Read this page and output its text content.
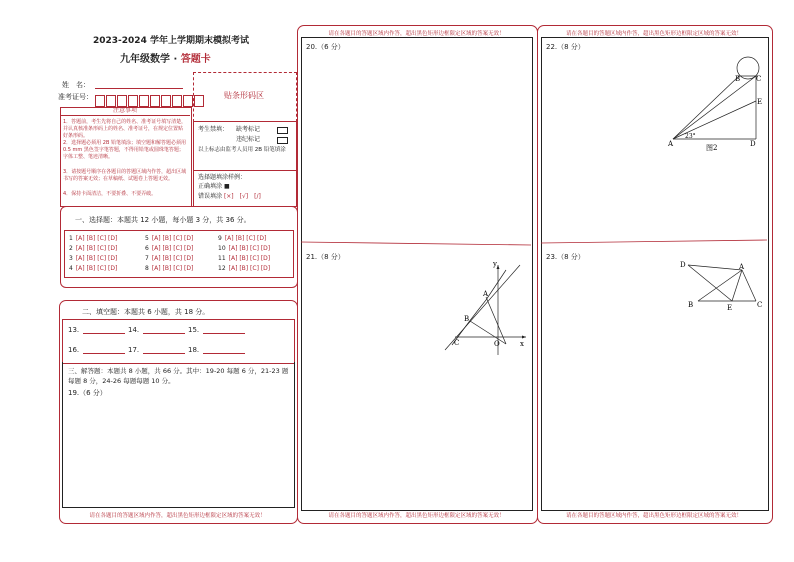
2023-2024 学年上学期期末模拟考试
九年级数学 · 答题卡
姓　名：
准考证号：	贴条形码区
注意事项
1．答题前，考生先将自己的姓名、准考证号填写清楚，并认真核准条形码上的姓名、准考证号，在规定位置贴好条形码。
2．选择题必须用 2B 铅笔填涂；填空题和解答题必须用 0.5 mm 黑色签字笔答题，不得用铅笔或圆珠笔答题；字体工整、笔迹清晰。
3．请按题号顺序在各题目的答题区域内作答，超出区域书写的答案无效；在草稿纸、试题卷上答题无效。
4．保持卡面清洁，不要折叠、不要弄破。
考生禁填： 缺考标记
违纪标记
以上标志由监考人员用 2B 铅笔填涂
选择题填涂样例：
正确填涂 ■
错误填涂 [×]　[√]　[/]
一、选择题：本题共 12 小题，每小题 3 分，共 36 分。
1 [A] [B] [C] [D]
2 [A] [B] [C] [D]
3 [A] [B] [C] [D]
4 [A] [B] [C] [D]
5 [A] [B] [C] [D]
6 [A] [B] [C] [D]
7 [A] [B] [C] [D]
8 [A] [B] [C] [D]
9 [A] [B] [C] [D]
10 [A] [B] [C] [D]
11 [A] [B] [C] [D]
12 [A] [B] [C] [D]
二、填空题：本题共 6 小题，共 18 分。
13.	14.	15.
16.	17.	18.
三、解答题：本题共 8 小题，共 66 分。其中：19-20 每题 6 分，21-23 题每题 8 分，24-26 每题每题 10 分。
19.（6 分）
请在各题目的答题区域内作答，超出黑色矩形边框限定区域的答案无效！
请在各题目的答题区域内作答，超出黑色矩形边框限定区域的答案无效！
20.（6 分）
21.（8 分）
y
x
A
B
C	O
请在各题目的答题区域内作答，超出黑色矩形边框限定区域的答案无效！
请在各题目的答题区域内作答，超出黑色矩形边框限定区域的答案无效！
22.（8 分）
23.（8 分）
B C
E
A	D
23°
图2
D	A
B	E	C
请在各题目的答题区域内作答，超出黑色矩形边框限定区域的答案无效！
